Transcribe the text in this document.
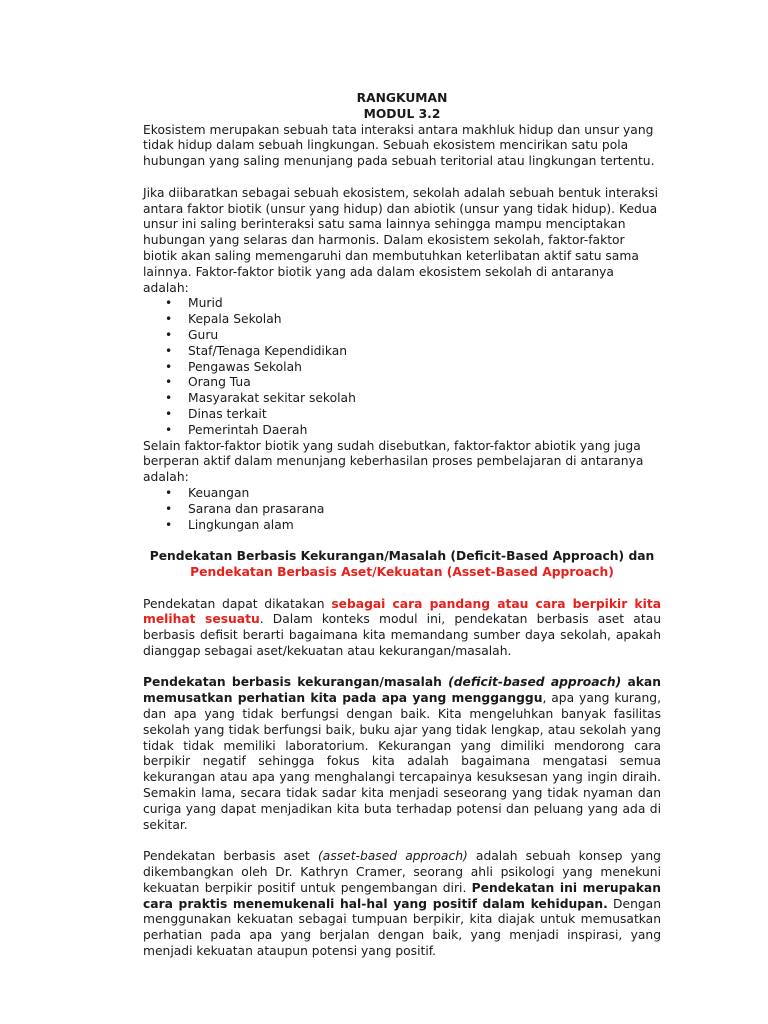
RANGKUMAN

MODUL 3.2

Ekosistem merupakan sebuah tata interaksi antara makhluk hidup dan unsur yang tidak hidup dalam sebuah lingkungan. Sebuah ekosistem mencirikan satu pola hubungan yang saling menunjang pada sebuah teritorial atau lingkungan tertentu.

Jika diibaratkan sebagai sebuah ekosistem, sekolah adalah sebuah bentuk interaksi antara faktor biotik (unsur yang hidup) dan abiotik (unsur yang tidak hidup). Kedua unsur ini saling berinteraksi satu sama lainnya sehingga mampu menciptakan hubungan yang selaras dan harmonis. Dalam ekosistem sekolah, faktor-faktor biotik akan saling memengaruhi dan membutuhkan keterlibatan aktif satu sama lainnya. Faktor-faktor biotik yang ada dalam ekosistem sekolah di antaranya adalah:

• Murid
• Kepala Sekolah
• Guru
• Staf/Tenaga Kependidikan
• Pengawas Sekolah
• Orang Tua
• Masyarakat sekitar sekolah
• Dinas terkait
• Pemerintah Daerah

Selain faktor-faktor biotik yang sudah disebutkan, faktor-faktor abiotik yang juga berperan aktif dalam menunjang keberhasilan proses pembelajaran di antaranya adalah:

• Keuangan
• Sarana dan prasarana
• Lingkungan alam

Pendekatan Berbasis Kekurangan/Masalah (Deficit-Based Approach) dan Pendekatan Berbasis Aset/Kekuatan (Asset-Based Approach)

Pendekatan dapat dikatakan sebagai cara pandang atau cara berpikir kita melihat sesuatu. Dalam konteks modul ini, pendekatan berbasis aset atau berbasis defisit berarti bagaimana kita memandang sumber daya sekolah, apakah dianggap sebagai aset/kekuatan atau kekurangan/masalah.

Pendekatan berbasis kekurangan/masalah (deficit-based approach) akan memusatkan perhatian kita pada apa yang mengganggu, apa yang kurang, dan apa yang tidak berfungsi dengan baik. Kita mengeluhkan banyak fasilitas sekolah yang tidak berfungsi baik, buku ajar yang tidak lengkap, atau sekolah yang tidak tidak memiliki laboratorium. Kekurangan yang dimiliki mendorong cara berpikir negatif sehingga fokus kita adalah bagaimana mengatasi semua kekurangan atau apa yang menghalangi tercapainya kesuksesan yang ingin diraih. Semakin lama, secara tidak sadar kita menjadi seseorang yang tidak nyaman dan curiga yang dapat menjadikan kita buta terhadap potensi dan peluang yang ada di sekitar.

Pendekatan berbasis aset (asset-based approach) adalah sebuah konsep yang dikembangkan oleh Dr. Kathryn Cramer, seorang ahli psikologi yang menekuni kekuatan berpikir positif untuk pengembangan diri. Pendekatan ini merupakan cara praktis menemukenali hal-hal yang positif dalam kehidupan. Dengan menggunakan kekuatan sebagai tumpuan berpikir, kita diajak untuk memusatkan perhatian pada apa yang berjalan dengan baik, yang menjadi inspirasi, yang menjadi kekuatan ataupun potensi yang positif.
